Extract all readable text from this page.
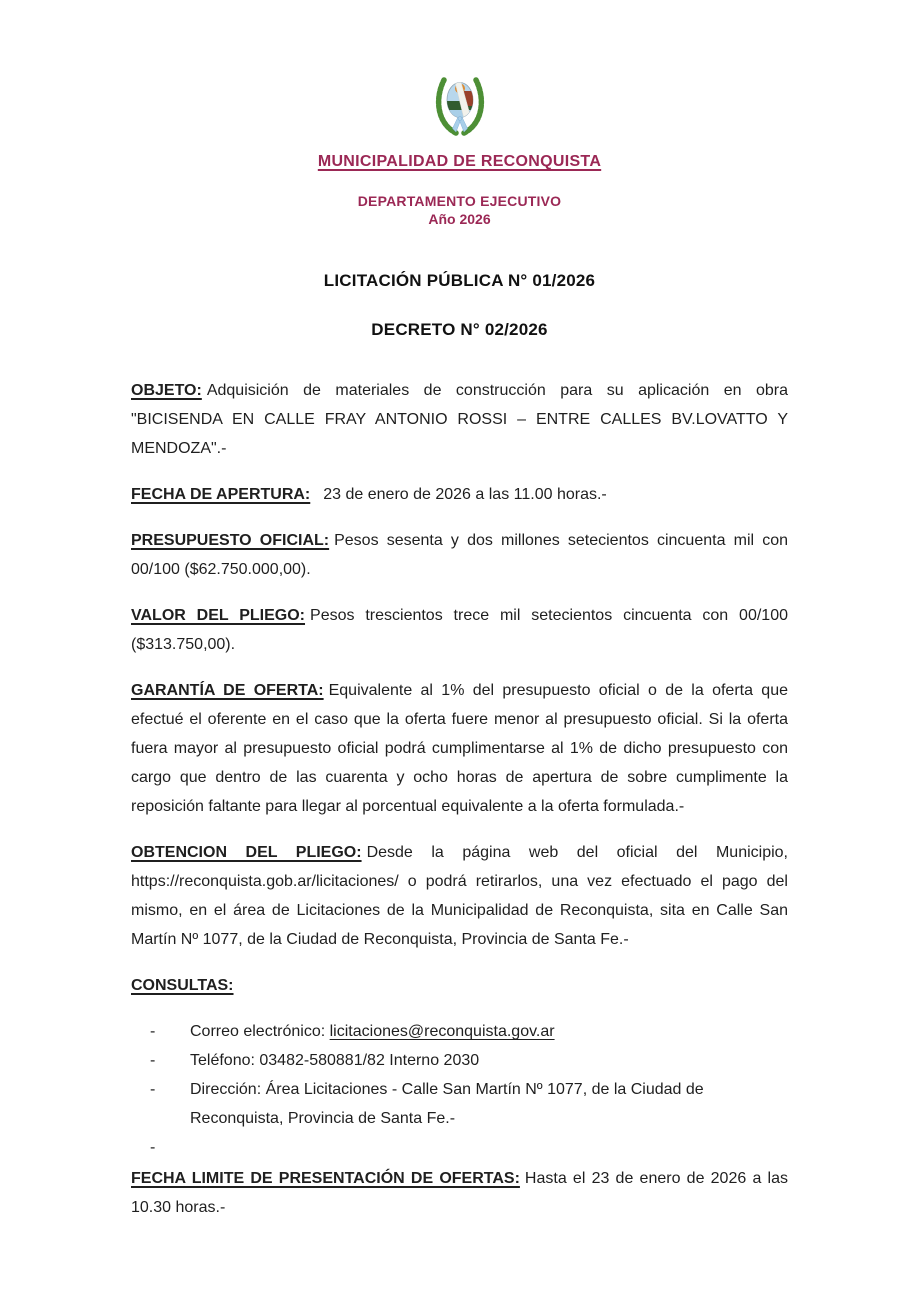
MUNICIPALIDAD DE RECONQUISTA
DEPARTAMENTO EJECUTIVO
Año 2026
LICITACIÓN PÚBLICA N° 01/2026
DECRETO N° 02/2026

OBJETO: Adquisición de materiales de construcción para su aplicación en obra "BICISENDA EN CALLE FRAY ANTONIO ROSSI – ENTRE CALLES BV.LOVATTO Y MENDOZA".-

FECHA DE APERTURA: 23 de enero de 2026 a las 11.00 horas.-

PRESUPUESTO OFICIAL: Pesos sesenta y dos millones setecientos cincuenta mil con 00/100 ($62.750.000,00).

VALOR DEL PLIEGO: Pesos trescientos trece mil setecientos cincuenta con 00/100 ($313.750,00).

GARANTÍA DE OFERTA: Equivalente al 1% del presupuesto oficial o de la oferta que efectué el oferente en el caso que la oferta fuere menor al presupuesto oficial. Si la oferta fuera mayor al presupuesto oficial podrá cumplimentarse al 1% de dicho presupuesto con cargo que dentro de las cuarenta y ocho horas de apertura de sobre cumplimente la reposición faltante para llegar al porcentual equivalente a la oferta formulada.-

OBTENCION DEL PLIEGO: Desde la página web del oficial del Municipio, https://reconquista.gob.ar/licitaciones/ o podrá retirarlos, una vez efectuado el pago del mismo, en el área de Licitaciones de la Municipalidad de Reconquista, sita en Calle San Martín Nº 1077, de la Ciudad de Reconquista, Provincia de Santa Fe.-

CONSULTAS:
-	Correo electrónico: licitaciones@reconquista.gov.ar
-	Teléfono: 03482-580881/82 Interno 2030
-	Dirección: Área Licitaciones - Calle San Martín Nº 1077, de la Ciudad de Reconquista, Provincia de Santa Fe.-
-

FECHA LIMITE DE PRESENTACIÓN DE OFERTAS: Hasta el 23 de enero de 2026 a las 10.30 horas.-
